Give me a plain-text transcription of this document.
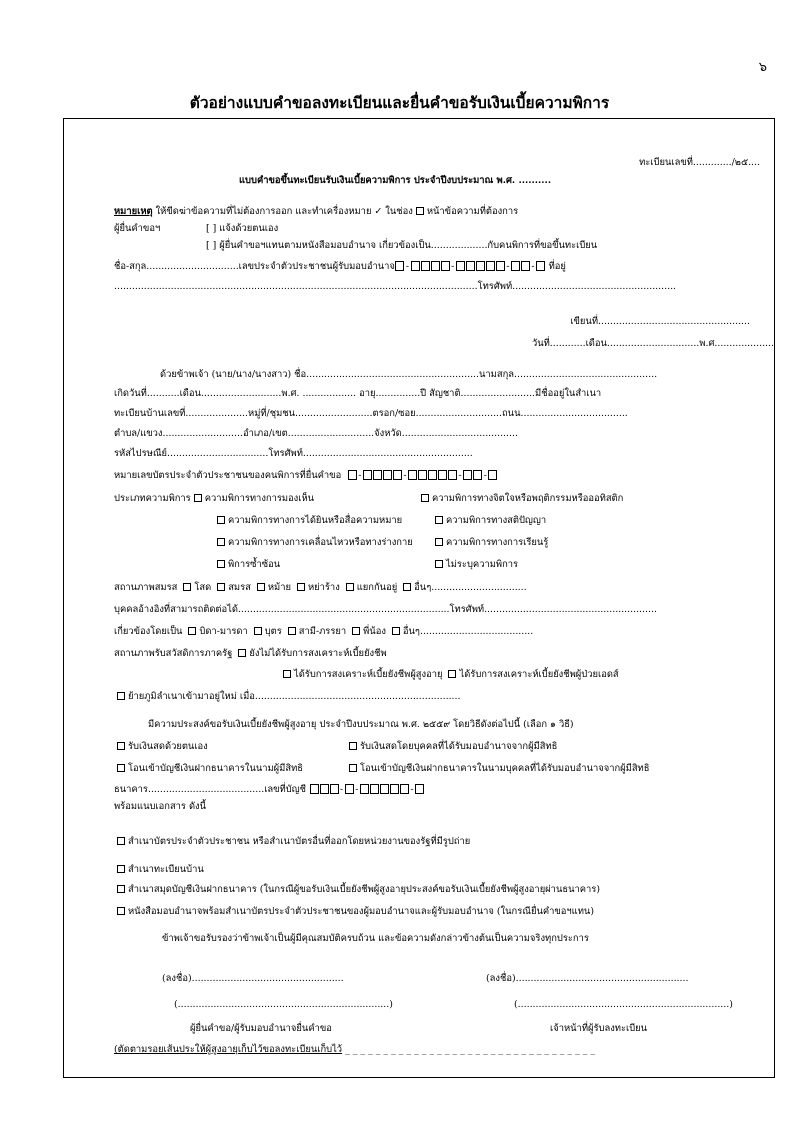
๖
ตัวอย่างแบบคำขอลงทะเบียนและยื่นคำขอรับเงินเบี้ยความพิการ
ทะเบียนเลขที่............./๒๕....
แบบคำขอขึ้นทะเบียนรับเงินเบี้ยความพิการ ประจำปีงบประมาณ พ.ศ. ..........
หมายเหตุ ให้ขีดฆ่าข้อความที่ไม่ต้องการออก และทำเครื่องหมาย ✓ ในช่อง หน้าข้อความที่ต้องการ
ผู้ยื่นคำขอฯ	[ ] แจ้งด้วยตนเอง
[ ] ผู้ยื่นคำขอฯแทนตามหนังสือมอบอำนาจ เกี่ยวข้องเป็น...................กับคนพิการที่ขอขึ้นทะเบียน
ชื่อ-สกุล...............................เลขประจำตัวประชาชนผู้รับมอบอำนาจ -	-	- - ที่อยู่
..........................................................................................................................โทรศัพท์.......................................................
เขียนที่...................................................
วันที่............เดือน...............................พ.ศ....................
ด้วยข้าพเจ้า (นาย/นาง/นางสาว) ชื่อ..........................................................นามสกุล................................................
เกิดวันที่...........เดือน...........................พ.ศ. .................. อายุ...............ปี สัญชาติ.........................มีชื่ออยู่ในสำเนา
ทะเบียนบ้านเลขที่.....................หมู่ที่/ชุมชน..........................ตรอก/ซอย.............................ถนน....................................
ตำบล/แขวง...........................อำเภอ/เขต.............................จังหวัด.......................................
รหัสไปรษณีย์..................................โทรศัพท์.........................................................
หมายเลขบัตรประจำตัวประชาชนของคนพิการที่ยื่นคำขอ -	-	- -
ประเภทความพิการ ความพิการทางการมองเห็น	ความพิการทางจิตใจหรือพฤติกรรมหรือออทิสติก
ความพิการทางการได้ยินหรือสื่อความหมาย	ความพิการทางสติปัญญา
ความพิการทางการเคลื่อนไหวหรือทางร่างกาย	ความพิการทางการเรียนรู้
พิการซ้ำซ้อน	ไม่ระบุความพิการ
สถานภาพสมรส โสด สมรส หม้าย หย่าร้าง แยกกันอยู่ อื่นๆ................................
บุคคลอ้างอิงที่สามารถติดต่อได้.......................................................................โทรศัพท์..........................................................
เกี่ยวข้องโดยเป็น บิดา-มารดา บุตร สามี-ภรรยา พี่น้อง อื่นๆ......................................
สถานภาพรับสวัสดิการภาครัฐ ยังไม่ได้รับการสงเคราะห์เบี้ยยังชีพ
ได้รับการสงเคราะห์เบี้ยยังชีพผู้สูงอายุ ได้รับการสงเคราะห์เบี้ยยังชีพผู้ป่วยเอดส์
ย้ายภูมิลำเนาเข้ามาอยู่ใหม่ เมื่อ.....................................................................
มีความประสงค์ขอรับเงินเบี้ยยังชีพผู้สูงอายุ ประจำปีงบประมาณ พ.ศ. ๒๕๕๙ โดยวิธีดังต่อไปนี้ (เลือก ๑ วิธี)
รับเงินสดด้วยตนเอง	รับเงินสดโดยบุคคลที่ได้รับมอบอำนาจจากผู้มีสิทธิ
โอนเข้าบัญชีเงินฝากธนาคารในนามผู้มีสิทธิ	โอนเข้าบัญชีเงินฝากธนาคารในนามบุคคลที่ได้รับมอบอำนาจจากผู้มีสิทธิ
ธนาคาร.......................................เลขที่บัญชี	- -	-
พร้อมแนบเอกสาร ดังนี้
สำเนาบัตรประจำตัวประชาชน หรือสำเนาบัตรอื่นที่ออกโดยหน่วยงานของรัฐที่มีรูปถ่าย
สำเนาทะเบียนบ้าน
สำเนาสมุดบัญชีเงินฝากธนาคาร (ในกรณีผู้ขอรับเงินเบี้ยยังชีพผู้สูงอายุประสงค์ขอรับเงินเบี้ยยังชีพผู้สูงอายุผ่านธนาคาร)
หนังสือมอบอำนาจพร้อมสำเนาบัตรประจำตัวประชาชนของผู้มอบอำนาจและผู้รับมอบอำนาจ (ในกรณียื่นคำขอฯแทน)
ข้าพเจ้าขอรับรองว่าข้าพเจ้าเป็นผู้มีคุณสมบัติครบถ้วน และข้อความดังกล่าวข้างต้นเป็นความจริงทุกประการ
(ลงชื่อ)...................................................	(ลงชื่อ)..........................................................
(.......................................................................)	(.......................................................................)
ผู้ยื่นคำขอ/ผู้รับมอบอำนาจยื่นคำขอ	เจ้าหน้าที่ผู้รับลงทะเบียน
(ตัดตามรอยเส้นประให้ผู้สูงอายุเก็บไว้ขอลงทะเบียนเก็บไว้ _ _ _ _ _ _ _ _ _ _ _ _ _ _ _ _ _ _ _ _ _ _ _ _ _ _ _ _ _ _ _ _ _
